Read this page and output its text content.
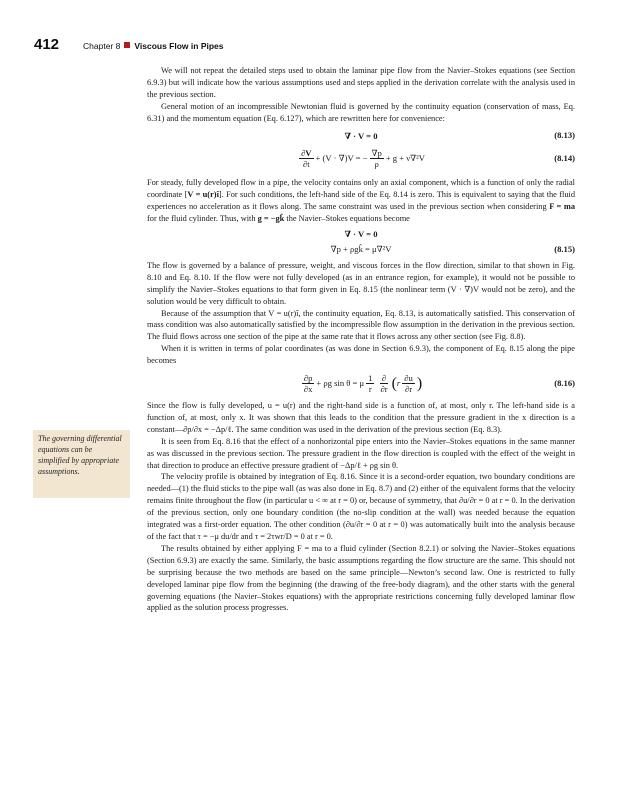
412	Chapter 8 Viscous Flow in Pipes
The governing differential equations can be simplified by appropriate assumptions.

We will not repeat the detailed steps used to obtain the laminar pipe flow from the Navier–Stokes equations (see Section 6.9.3) but will indicate how the various assumptions used and steps applied in the derivation correlate with the analysis used in the previous section.

General motion of an incompressible Newtonian fluid is governed by the continuity equation (conservation of mass, Eq. 6.31) and the momentum equation (Eq. 6.127), which are rewritten here for convenience:

∇ · V = 0	(8.13)
$\frac{\partial V}{\partial t} + (V \cdot \nabla)V$ = − $\frac{\nabla p}{\rho} + g + \nu\nabla^2V$	(8.14)

For steady, fully developed flow in a pipe, the velocity contains only an axial component, which is a function of only the radial coordinate [V = u(r)î]. For such conditions, the left-hand side of the Eq. 8.14 is zero. This is equivalent to saying that the fluid experiences no acceleration as it flows along. The same constraint was used in the previous section when considering F = ma for the fluid cylinder. Thus, with g = −gk̂ the Navier–Stokes equations become

∇ · V = 0
∇p + ρgk̂ = μ∇²V	(8.15)

The flow is governed by a balance of pressure, weight, and viscous forces in the flow direction, similar to that shown in Fig. 8.10 and Eq. 8.10. If the flow were not fully developed (as in an entrance region, for example), it would not be possible to simplify the Navier–Stokes equations to that form given in Eq. 8.15 (the nonlinear term (V · ∇)V would not be zero), and the solution would be very difficult to obtain.

Because of the assumption that V = u(r)î, the continuity equation, Eq. 8.13, is automatically satisfied. This conservation of mass condition was also automatically satisfied by the incompressible flow assumption in the derivation in the previous section. The fluid flows across one section of the pipe at the same rate that it flows across any other section (see Fig. 8.8).

When it is written in terms of polar coordinates (as was done in Section 6.9.3), the component of Eq. 8.15 along the pipe becomes

$\frac{\partial p}{\partial x} + \rho g$ sin θ = μ $\frac{1}{r} \frac{\partial}{\partial r}$ ( r $\frac{\partial u}{\partial r}$ )	(8.16)

Since the flow is fully developed, u = u(r) and the right-hand side is a function of, at most, only r. The left-hand side is a function of, at most, only x. It was shown that this leads to the condition that the pressure gradient in the x direction is a constant—∂p/∂x = −Δp/ℓ. The same condition was used in the derivation of the previous section (Eq. 8.3).

It is seen from Eq. 8.16 that the effect of a nonhorizontal pipe enters into the Navier–Stokes equations in the same manner as was discussed in the previous section. The pressure gradient in the flow direction is coupled with the effect of the weight in that direction to produce an effective pressure gradient of −Δp/ℓ + ρg sin θ.

The velocity profile is obtained by integration of Eq. 8.16. Since it is a second-order equation, two boundary conditions are needed—(1) the fluid sticks to the pipe wall (as was also done in Eq. 8.7) and (2) either of the equivalent forms that the velocity remains finite throughout the flow (in particular u < ∞ at r = 0) or, because of symmetry, that ∂u/∂r = 0 at r = 0. In the derivation of the previous section, only one boundary condition (the no-slip condition at the wall) was needed because the equation integrated was a first-order equation. The other condition (∂u/∂r = 0 at r = 0) was automatically built into the analysis because of the fact that τ = −μ du/dr and τ = 2τwr/D = 0 at r = 0.

The results obtained by either applying F = ma to a fluid cylinder (Section 8.2.1) or solving the Navier–Stokes equations (Section 6.9.3) are exactly the same. Similarly, the basic assumptions regarding the flow structure are the same. This should not be surprising because the two methods are based on the same principle—Newton’s second law. One is restricted to fully developed laminar pipe flow from the beginning (the drawing of the free-body diagram), and the other starts with the general governing equations (the Navier–Stokes equations) with the appropriate restrictions concerning fully developed laminar flow applied as the solution process progresses.
